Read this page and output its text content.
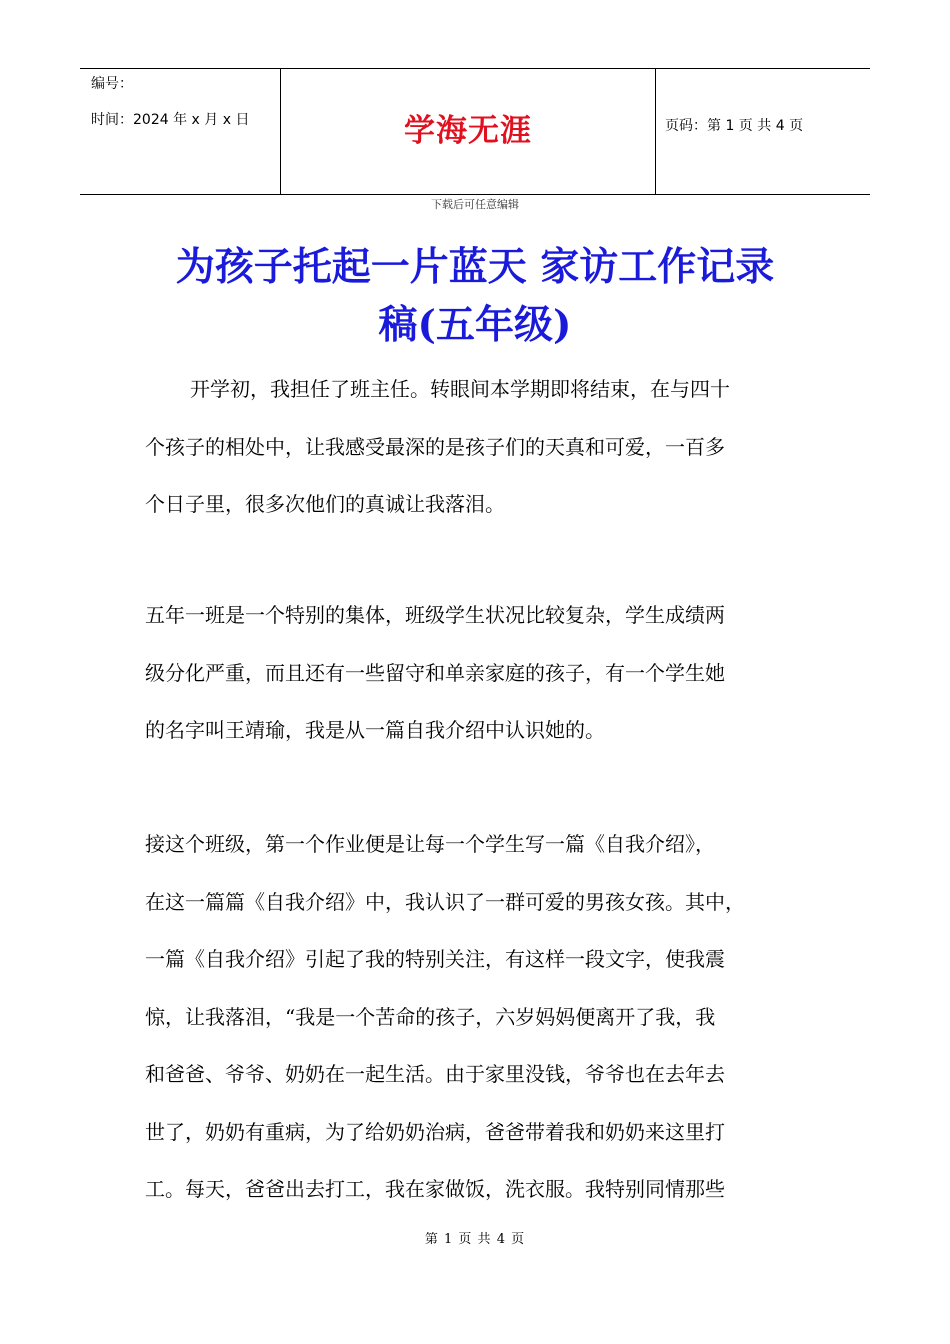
编号：
时间：2024 年 x 月 x 日	学海无涯	页码：第 1 页 共 4 页
下载后可任意编辑
为孩子托起一片蓝天 家访工作记录
稿(五年级)
开学初，我担任了班主任。转眼间本学期即将结束，在与四十
个孩子的相处中，让我感受最深的是孩子们的天真和可爱，一百多
个日子里，很多次他们的真诚让我落泪。
五年一班是一个特别的集体，班级学生状况比较复杂，学生成绩两
级分化严重，而且还有一些留守和单亲家庭的孩子，有一个学生她
的名字叫王靖瑜，我是从一篇自我介绍中认识她的。
接这个班级，第一个作业便是让每一个学生写一篇《自我介绍》，
在这一篇篇《自我介绍》中，我认识了一群可爱的男孩女孩。其中，
一篇《自我介绍》引起了我的特别关注，有这样一段文字，使我震
惊，让我落泪，“我是一个苦命的孩子，六岁妈妈便离开了我，我
和爸爸、爷爷、奶奶在一起生活。由于家里没钱，爷爷也在去年去
世了，奶奶有重病，为了给奶奶治病，爸爸带着我和奶奶来这里打
工。每天，爸爸出去打工，我在家做饭，洗衣服。我特别同情那些
第 1 页 共 4 页
